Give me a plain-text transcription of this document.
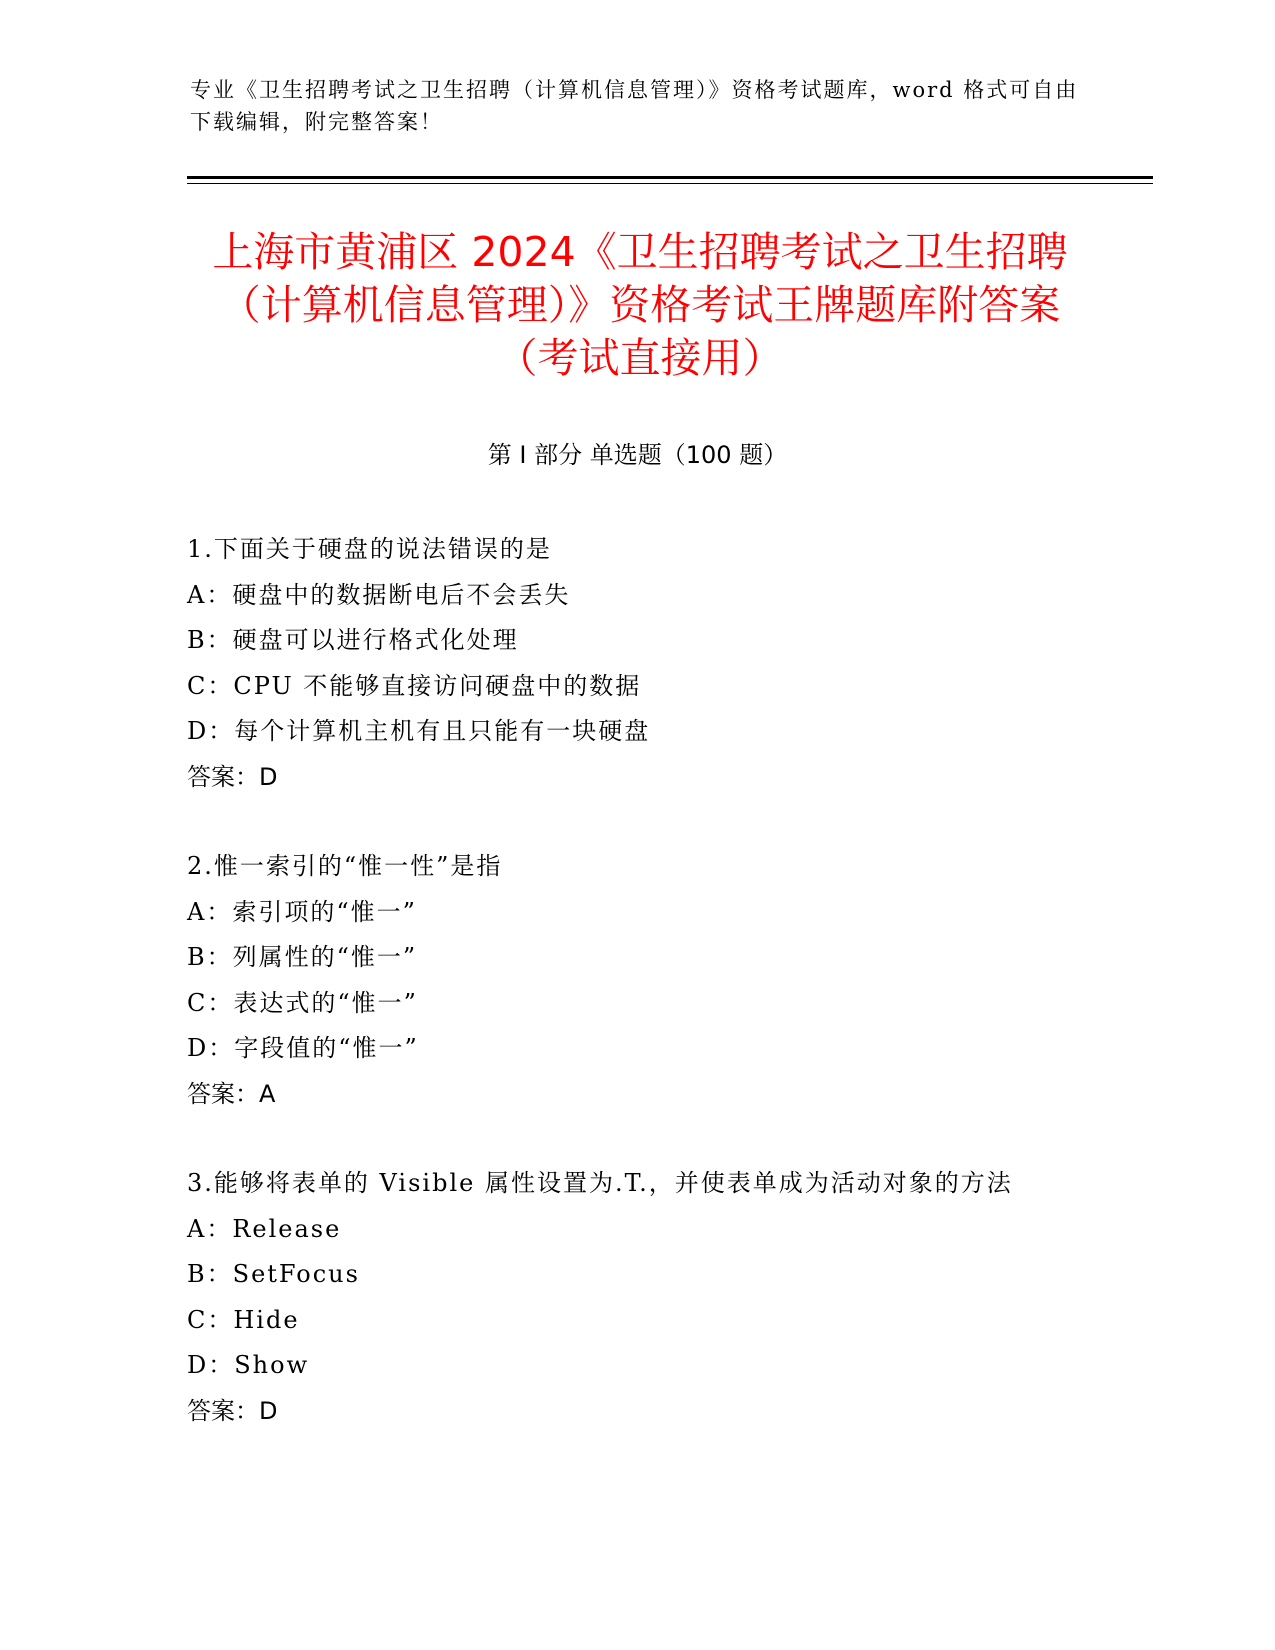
专业《卫生招聘考试之卫生招聘（计算机信息管理）》资格考试题库，word 格式可自由下载编辑，附完整答案！
上海市黄浦区 2024《卫生招聘考试之卫生招聘（计算机信息管理）》资格考试王牌题库附答案（考试直接用）
第 I 部分 单选题（100 题）
1.下面关于硬盘的说法错误的是
A：硬盘中的数据断电后不会丢失
B：硬盘可以进行格式化处理
C：CPU 不能够直接访问硬盘中的数据
D：每个计算机主机有且只能有一块硬盘
答案：D
2.惟一索引的“惟一性”是指
A：索引项的“惟一”
B：列属性的“惟一”
C：表达式的“惟一”
D：字段值的“惟一”
答案：A
3.能够将表单的 Visible 属性设置为.T.，并使表单成为活动对象的方法
A：Release
B：SetFocus
C：Hide
D：Show
答案：D
